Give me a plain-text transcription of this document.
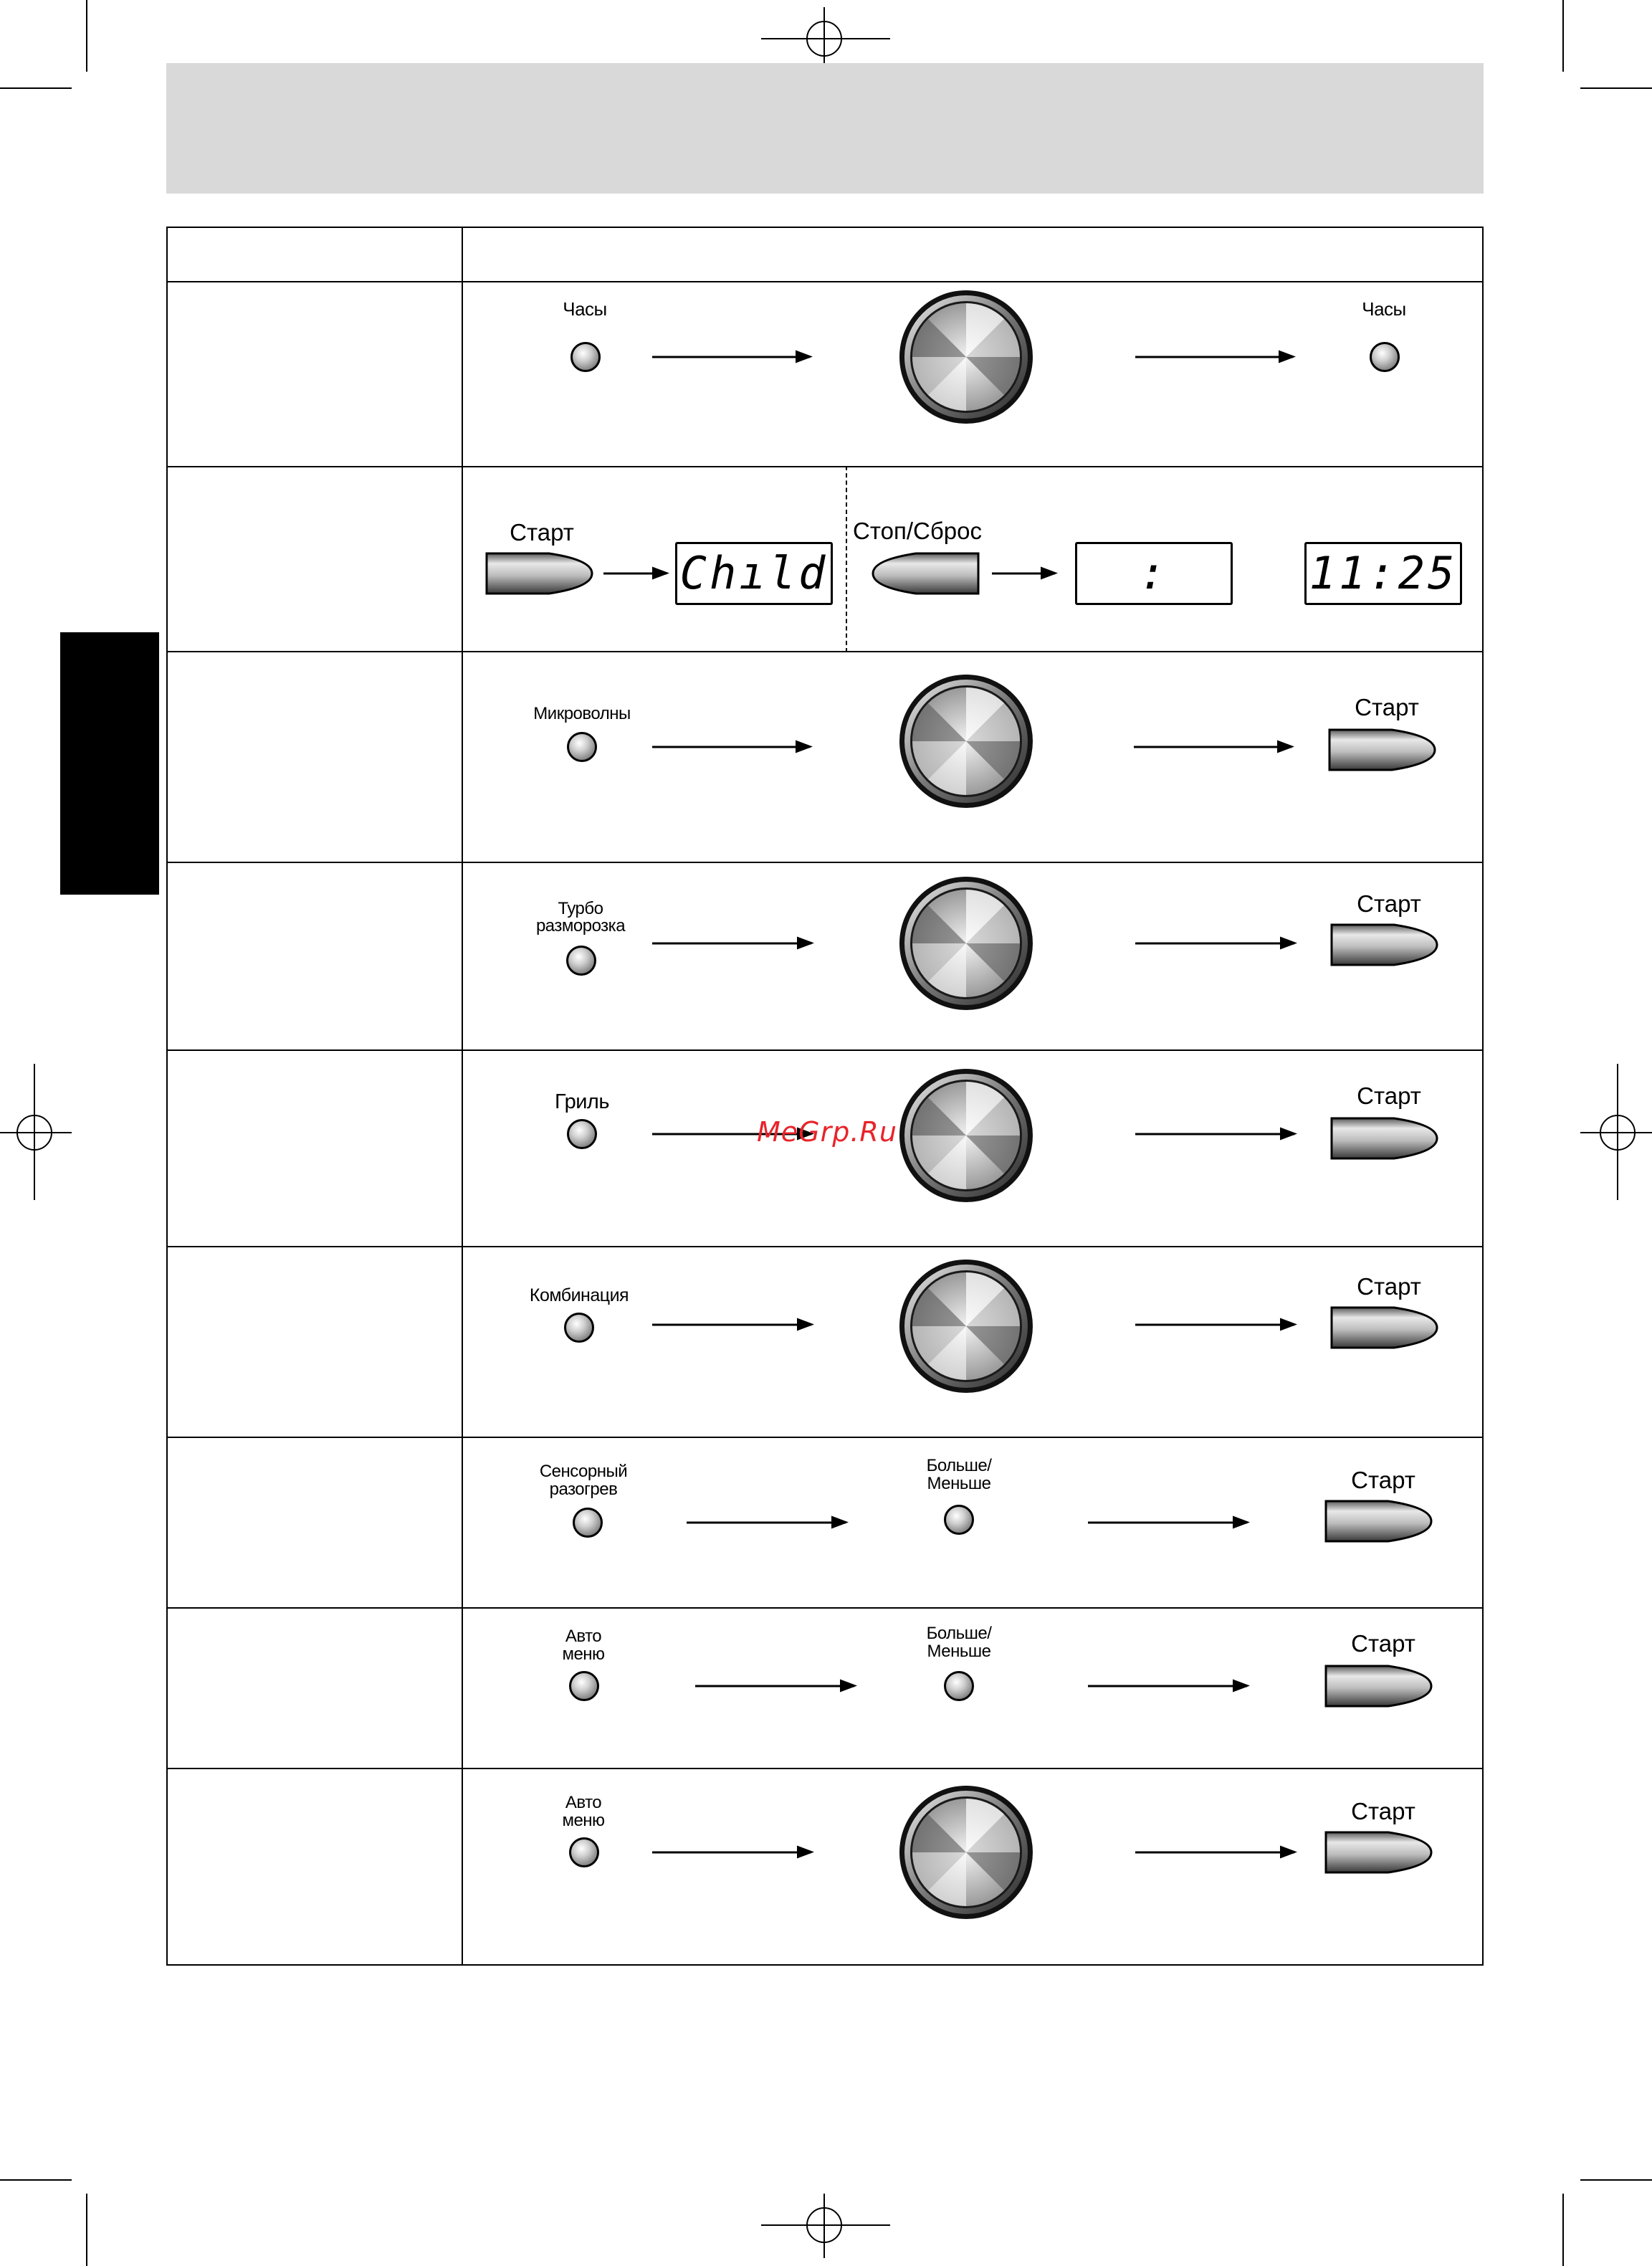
Часы	Часы
Старт
Chıld
Стоп/Сброс
:	11:25
Микроволны	Старт
Турбо
разморозка
Старт
Гриль	Старт
MeGrp.Ru
Комбинация	Старт
Сенсорный
разогрев
Больше/
Меньше	Старт
Авто
меню
Больше/
Меньше	Старт
Авто
меню	Старт
